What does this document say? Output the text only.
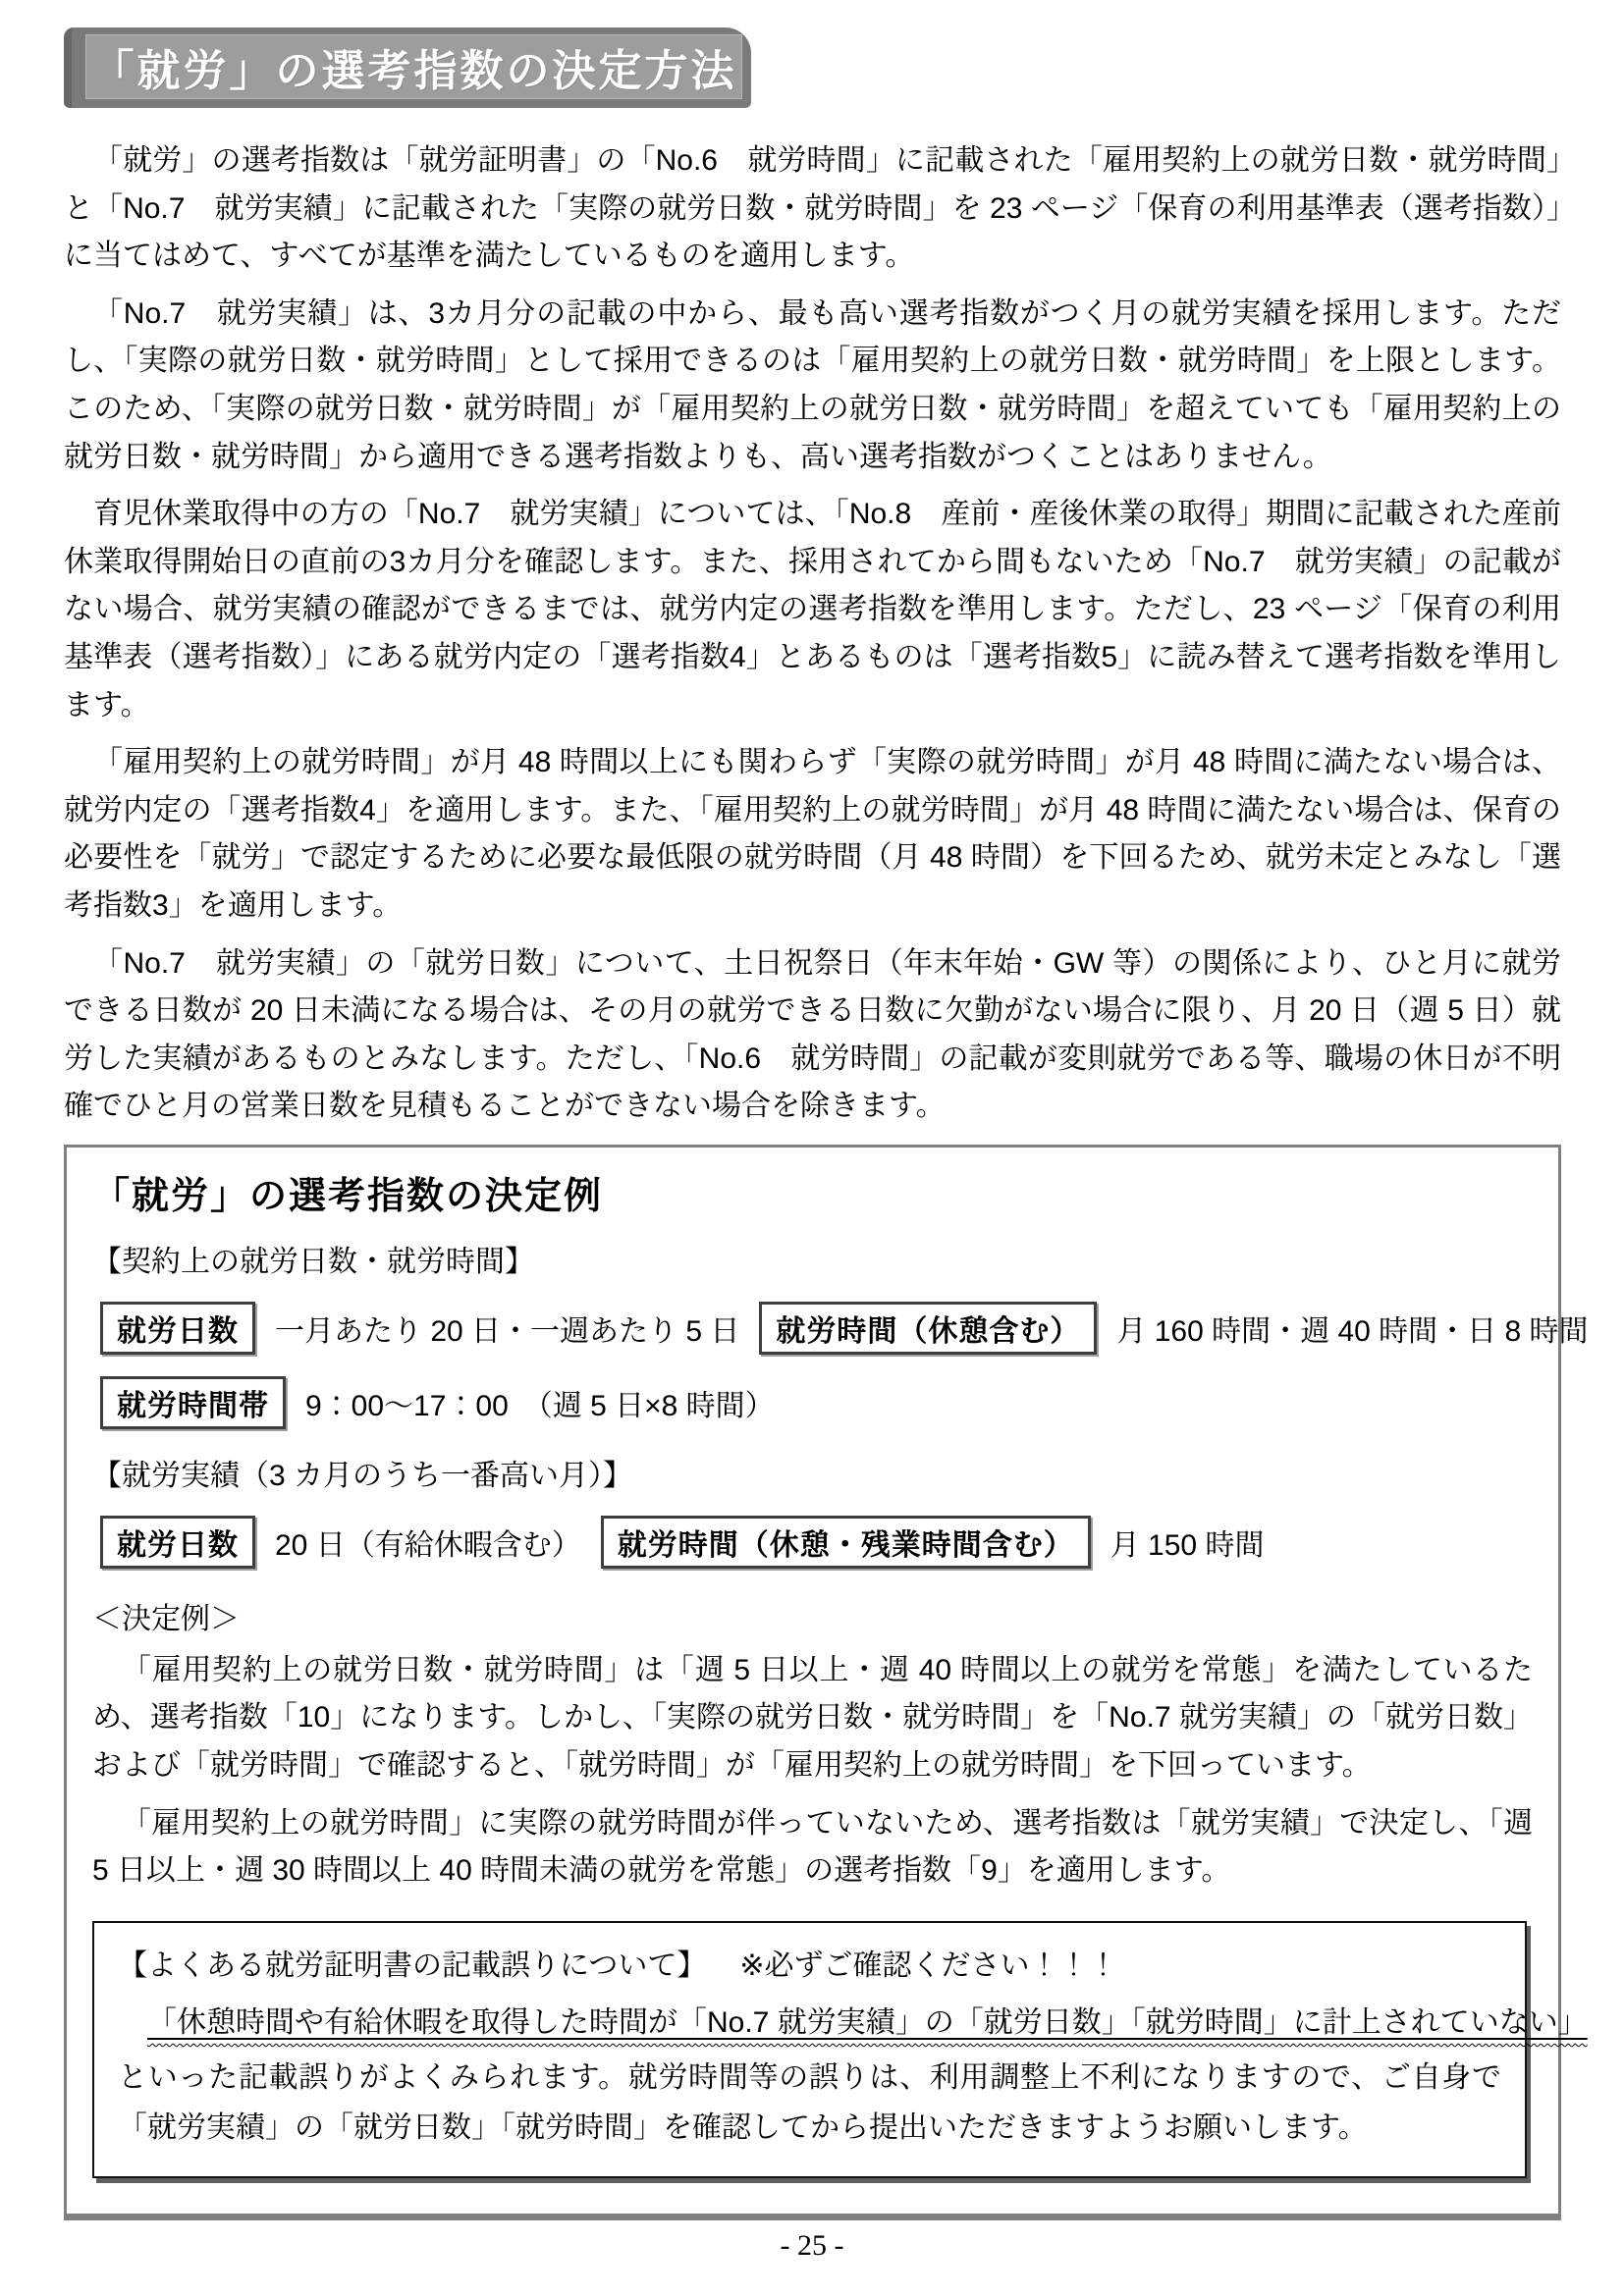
「就労」の選考指数の決定方法

「就労」の選考指数は「就労証明書」の「No.6　就労時間」に記載された「雇用契約上の就労日数・就労時間」と「No.7　就労実績」に記載された「実際の就労日数・就労時間」を 23 ページ「保育の利用基準表（選考指数）」に当てはめて、すべてが基準を満たしているものを適用します。

「No.7　就労実績」は、3カ月分の記載の中から、最も高い選考指数がつく月の就労実績を採用します。ただし、「実際の就労日数・就労時間」として採用できるのは「雇用契約上の就労日数・就労時間」を上限とします。このため、「実際の就労日数・就労時間」が「雇用契約上の就労日数・就労時間」を超えていても「雇用契約上の就労日数・就労時間」から適用できる選考指数よりも、高い選考指数がつくことはありません。

育児休業取得中の方の「No.7　就労実績」については、「No.8　産前・産後休業の取得」期間に記載された産前休業取得開始日の直前の3カ月分を確認します。また、採用されてから間もないため「No.7　就労実績」の記載がない場合、就労実績の確認ができるまでは、就労内定の選考指数を準用します。ただし、23 ページ「保育の利用基準表（選考指数）」にある就労内定の「選考指数4」とあるものは「選考指数5」に読み替えて選考指数を準用します。

「雇用契約上の就労時間」が月 48 時間以上にも関わらず「実際の就労時間」が月 48 時間に満たない場合は、就労内定の「選考指数4」を適用します。また、「雇用契約上の就労時間」が月 48 時間に満たない場合は、保育の必要性を「就労」で認定するために必要な最低限の就労時間（月 48 時間）を下回るため、就労未定とみなし「選考指数3」を適用します。

「No.7　就労実績」の「就労日数」について、土日祝祭日（年末年始・GW 等）の関係により、ひと月に就労できる日数が 20 日未満になる場合は、その月の就労できる日数に欠勤がない場合に限り、月 20 日（週 5 日）就労した実績があるものとみなします。ただし、「No.6　就労時間」の記載が変則就労である等、職場の休日が不明確でひと月の営業日数を見積もることができない場合を除きます。

「就労」の選考指数の決定例
【契約上の就労日数・就労時間】
就労日数	一月あたり 20 日・一週あたり 5 日	就労時間（休憩含む）	月 160 時間・週 40 時間・日 8 時間
就労時間帯	9：00～17：00　（週 5 日×8 時間）
【就労実績（3 カ月のうち一番高い月）】
就労日数	20 日（有給休暇含む）	就労時間（休憩・残業時間含む）	月 150 時間
＜決定例＞

「雇用契約上の就労日数・就労時間」は「週 5 日以上・週 40 時間以上の就労を常態」を満たしているため、選考指数「10」になります。しかし、「実際の就労日数・就労時間」を「No.7 就労実績」の「就労日数」および「就労時間」で確認すると、「就労時間」が「雇用契約上の就労時間」を下回っています。

「雇用契約上の就労時間」に実際の就労時間が伴っていないため、選考指数は「就労実績」で決定し、「週 5 日以上・週 30 時間以上 40 時間未満の就労を常態」の選考指数「9」を適用します。

【よくある就労証明書の記載誤りについて】 ※必ずご確認ください！！！
「休憩時間や有給休暇を取得した時間が「No.7 就労実績」の「就労日数」「就労時間」に計上されていない」
といった記載誤りがよくみられます。就労時間等の誤りは、利用調整上不利になりますので、ご自身で「就労実績」の「就労日数」「就労時間」を確認してから提出いただきますようお願いします。
- 25 -
